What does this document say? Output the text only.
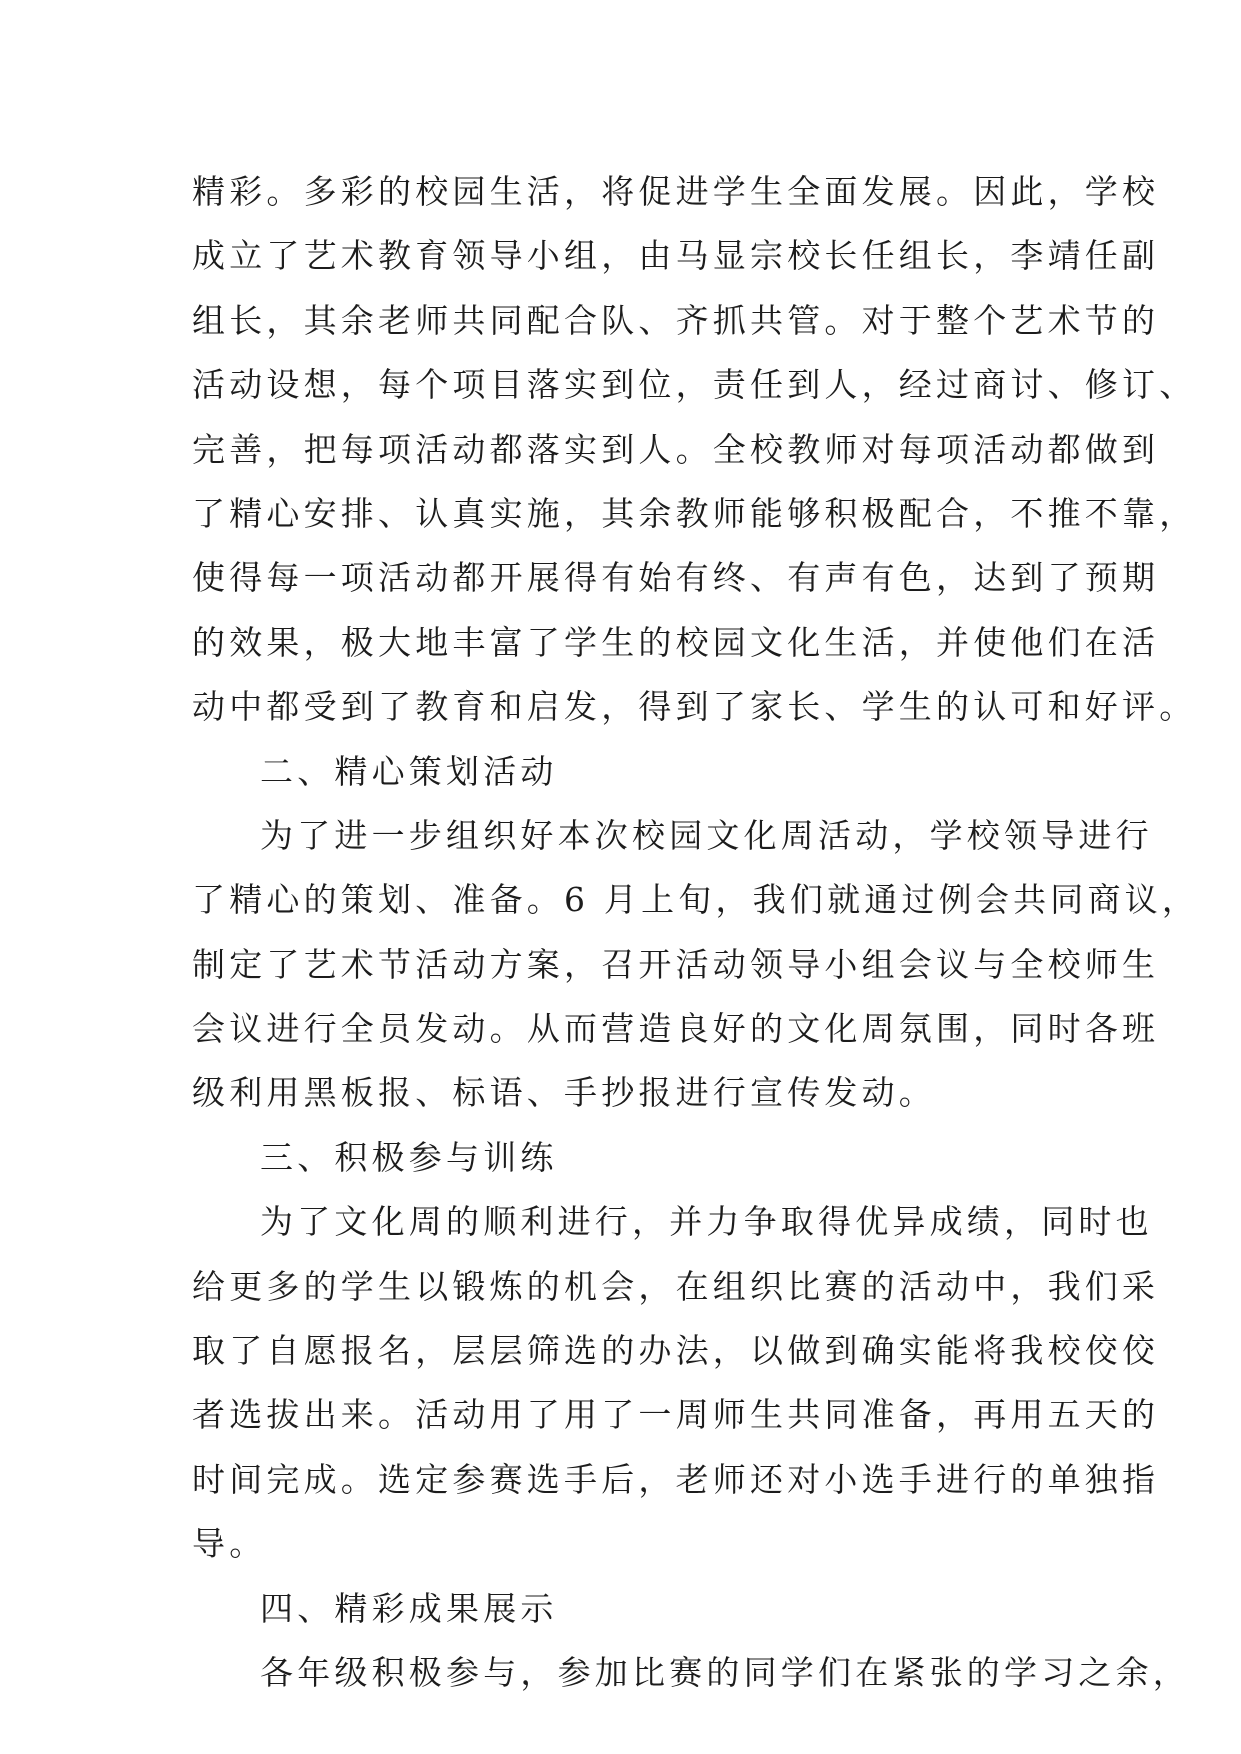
精彩。多彩的校园生活，将促进学生全面发展。因此，学校
成立了艺术教育领导小组，由马显宗校长任组长，李靖任副
组长，其余老师共同配合队、齐抓共管。对于整个艺术节的
活动设想，每个项目落实到位，责任到人，经过商讨、修订、
完善，把每项活动都落实到人。全校教师对每项活动都做到
了精心安排、认真实施，其余教师能够积极配合，不推不靠，
使得每一项活动都开展得有始有终、有声有色，达到了预期
的效果，极大地丰富了学生的校园文化生活，并使他们在活
动中都受到了教育和启发，得到了家长、学生的认可和好评。
二、精心策划活动
为了进一步组织好本次校园文化周活动，学校领导进行
了精心的策划、准备。6 月上旬，我们就通过例会共同商议，
制定了艺术节活动方案，召开活动领导小组会议与全校师生
会议进行全员发动。从而营造良好的文化周氛围，同时各班
级利用黑板报、标语、手抄报进行宣传发动。
三、积极参与训练
为了文化周的顺利进行，并力争取得优异成绩，同时也
给更多的学生以锻炼的机会，在组织比赛的活动中，我们采
取了自愿报名，层层筛选的办法，以做到确实能将我校佼佼
者选拔出来。活动用了用了一周师生共同准备，再用五天的
时间完成。选定参赛选手后，老师还对小选手进行的单独指
导。
四、精彩成果展示
各年级积极参与，参加比赛的同学们在紧张的学习之余，
